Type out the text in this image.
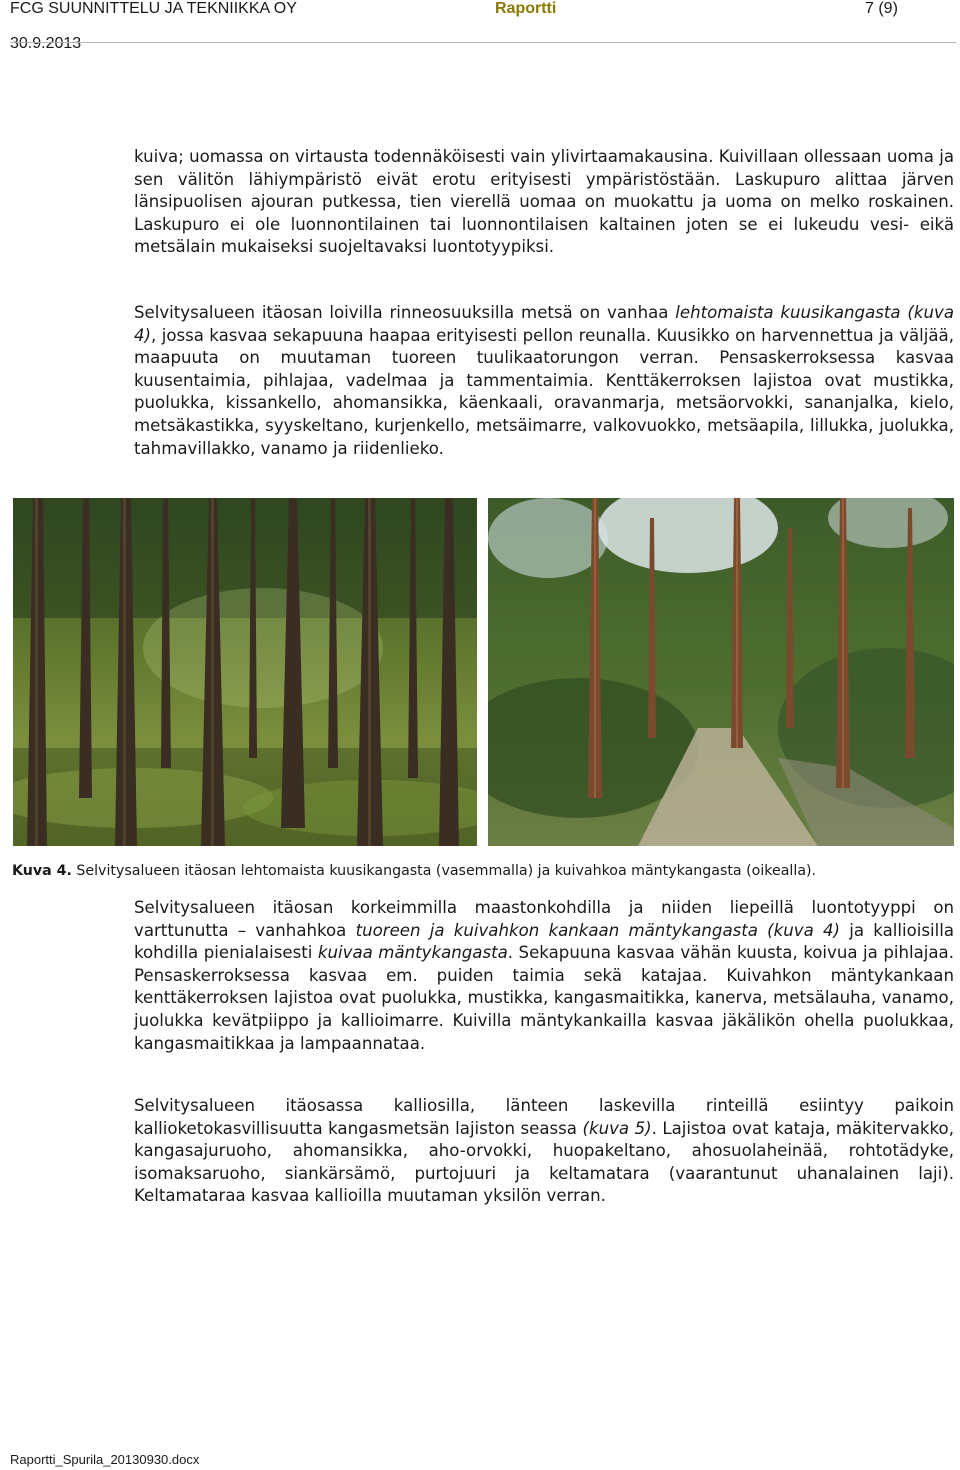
FCG SUUNNITTELU JA TEKNIIKKA OY	Raportti	7 (9)
30.9.2013

kuiva; uomassa on virtausta todennäköisesti vain ylivirtaamakausina. Kuivillaan ollessaan uoma ja sen välitön lähiympäristö eivät erotu erityisesti ympäristöstään. Laskupuro alittaa järven länsipuolisen ajouran putkessa, tien vierellä uomaa on muokattu ja uoma on melko roskainen. Laskupuro ei ole luonnontilainen tai luonnontilaisen kaltainen joten se ei lukeudu vesi- eikä metsälain mukaiseksi suojeltavaksi luontotyypiksi.

Selvitysalueen itäosan loivilla rinneosuuksilla metsä on vanhaa lehtomaista kuusikangasta (kuva 4), jossa kasvaa sekapuuna haapaa erityisesti pellon reunalla. Kuusikko on harvennettua ja väljää, maapuuta on muutaman tuoreen tuulikaatorungon verran. Pensaskerroksessa kasvaa kuusentaimia, pihlajaa, vadelmaa ja tammentaimia. Kenttäkerroksen lajistoa ovat mustikka, puolukka, kissankello, ahomansikka, käenkaali, oravanmarja, metsäorvokki, sananjalka, kielo, metsäkastikka, syyskeltano, kurjenkello, metsäimarre, valkovuokko, metsäapila, lillukka, juolukka, tahmavillakko, vanamo ja riidenlieko.

Kuva 4. Selvitysalueen itäosan lehtomaista kuusikangasta (vasemmalla) ja kuivahkoa mäntykangasta (oikealla).

Selvitysalueen itäosan korkeimmilla maastonkohdilla ja niiden liepeillä luontotyyppi on varttunutta – vanhahkoa tuoreen ja kuivahkon kankaan mäntykangasta (kuva 4) ja kallioisilla kohdilla pienialaisesti kuivaa mäntykangasta. Sekapuuna kasvaa vähän kuusta, koivua ja pihlajaa. Pensaskerroksessa kasvaa em. puiden taimia sekä katajaa. Kuivahkon mäntykankaan kenttäkerroksen lajistoa ovat puolukka, mustikka, kangasmaitikka, kanerva, metsälauha, vanamo, juolukka kevätpiippo ja kallioimarre. Kuivilla mäntykankailla kasvaa jäkälikön ohella puolukkaa, kangasmaitikkaa ja lampaannataa.

Selvitysalueen itäosassa kalliosilla, länteen laskevilla rinteillä esiintyy paikoin kallioketokasvillisuutta kangasmetsän lajiston seassa (kuva 5). Lajistoa ovat kataja, mäkitervakko, kangasajuruoho, ahomansikka, aho-orvokki, huopakeltano, ahosuolaheinää, rohtotädyke, isomaksaruoho, siankärsämö, purtojuuri ja keltamatara (vaarantunut uhanalainen laji). Keltamataraa kasvaa kallioilla muutaman yksilön verran.

Raportti_Spurila_20130930.docx
